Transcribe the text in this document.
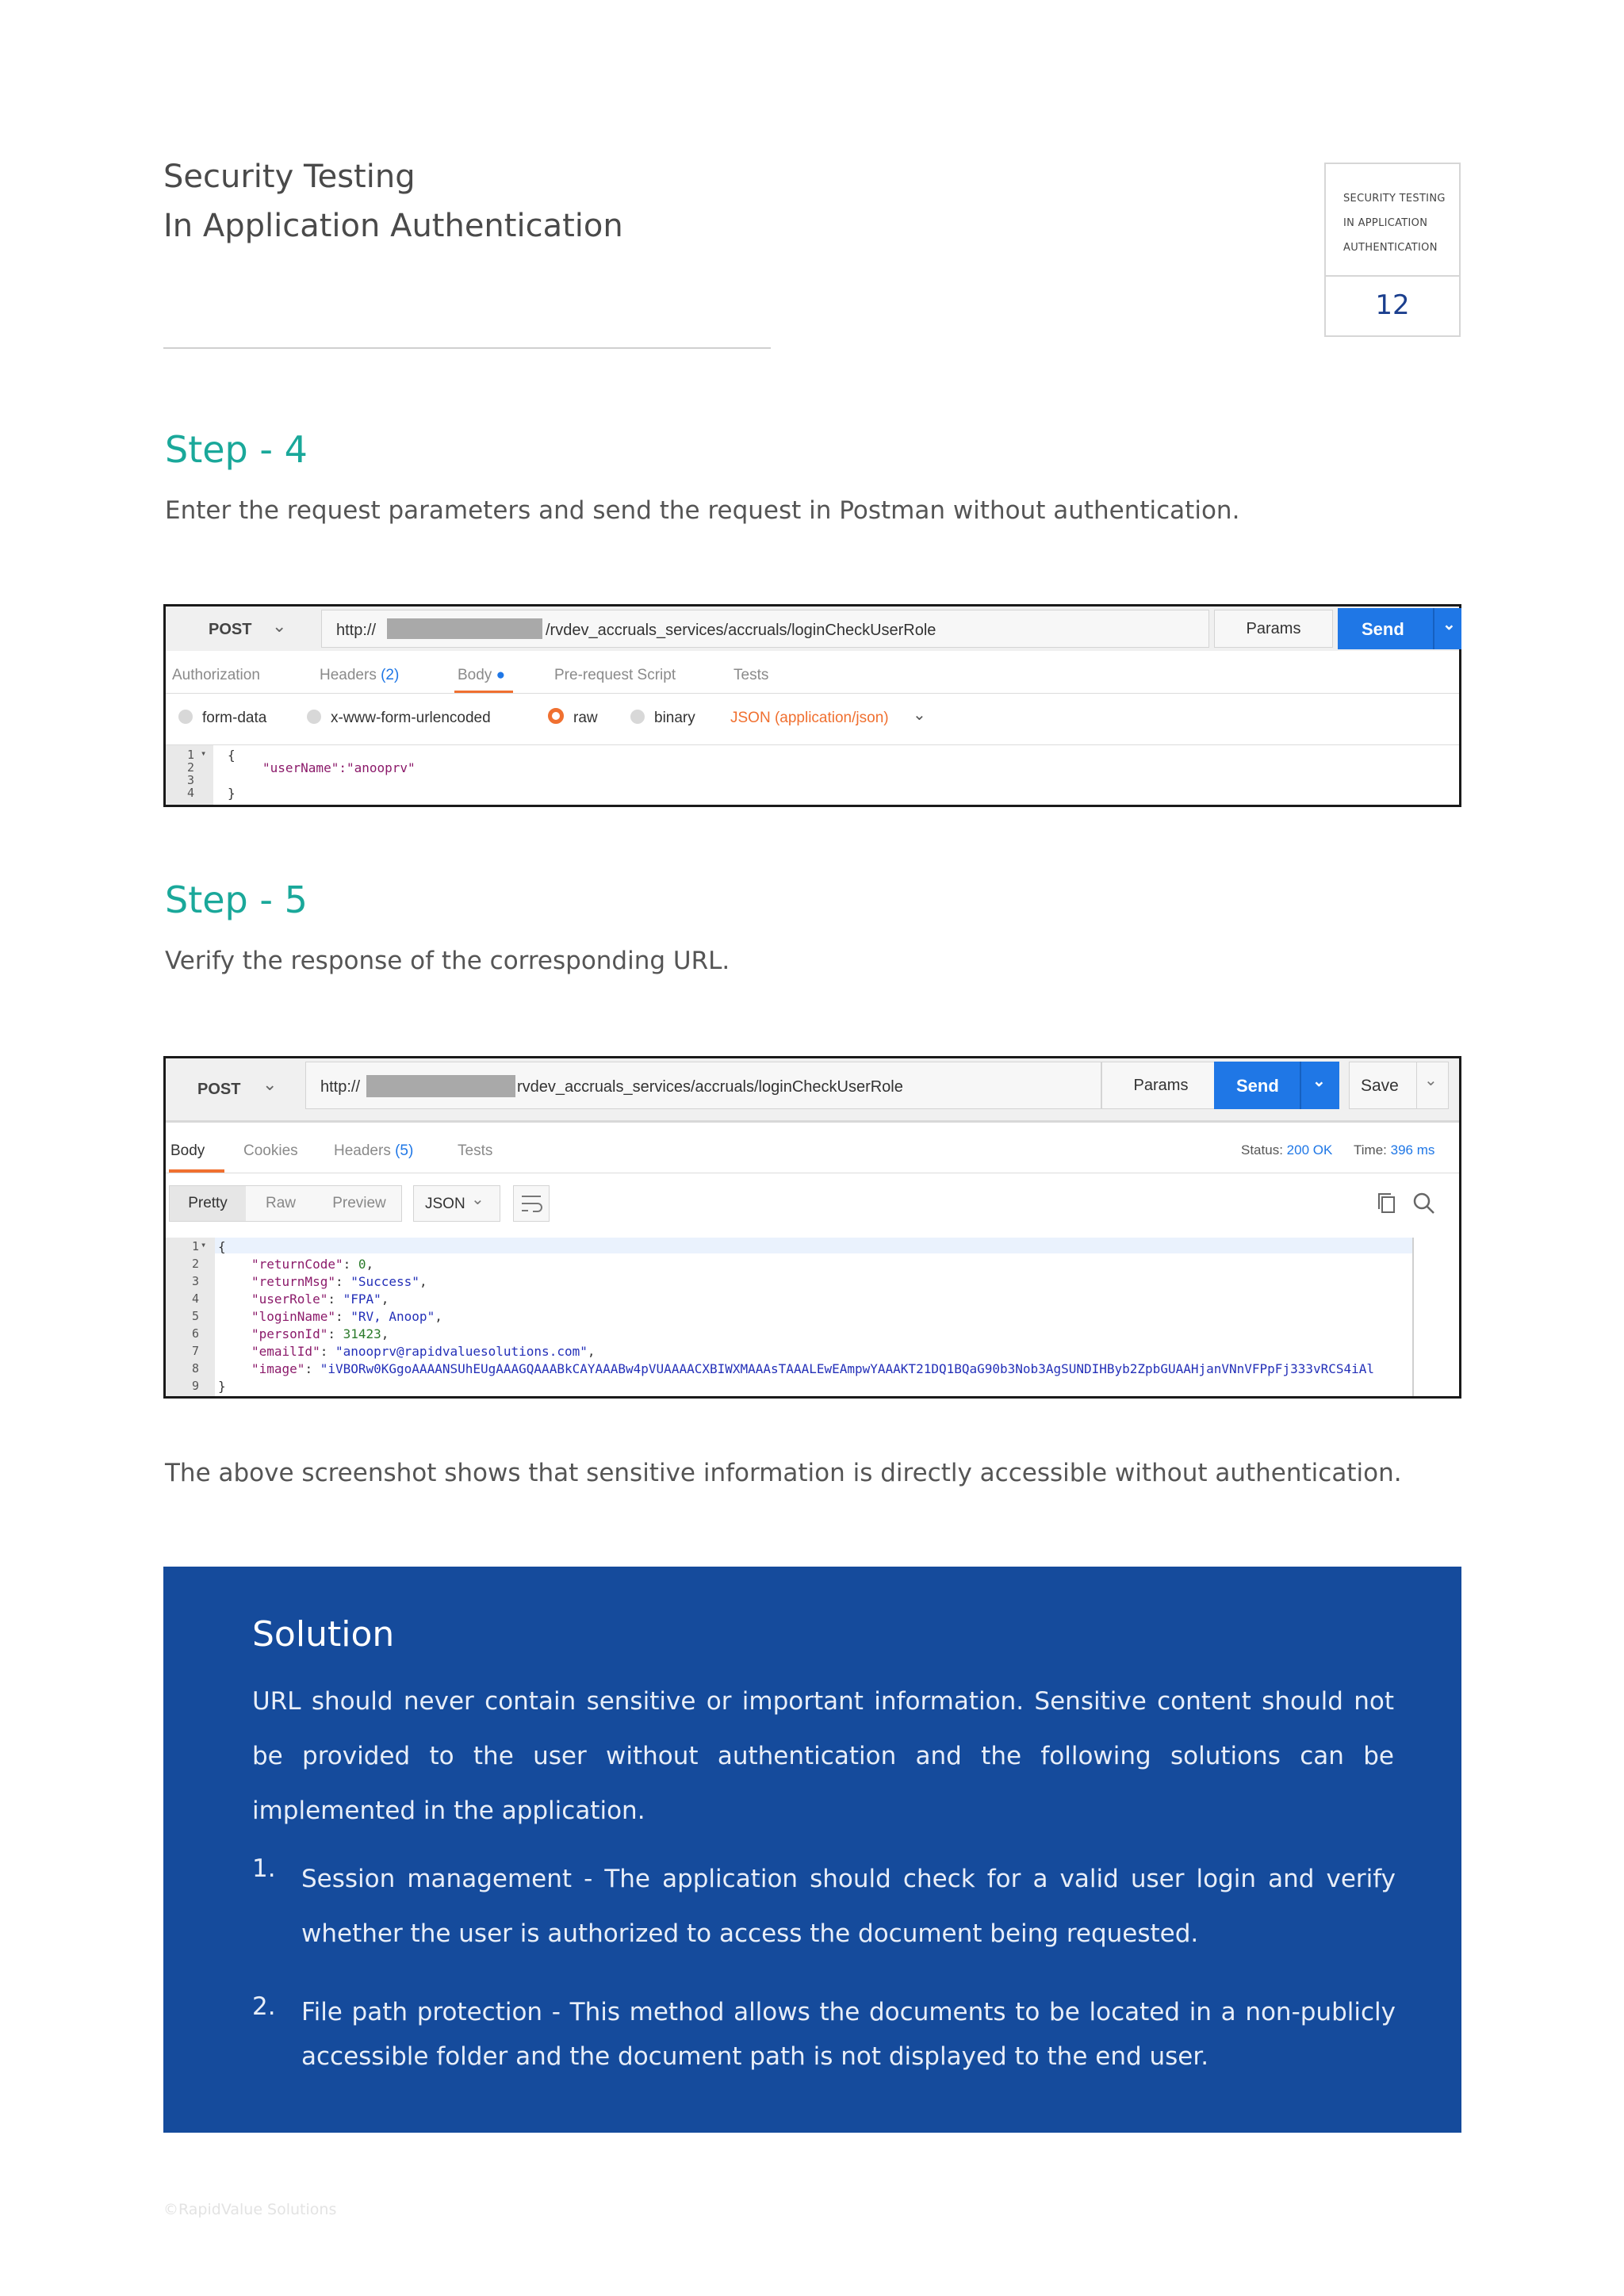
Security Testing
In Application Authentication
SECURITY TESTING
IN APPLICATION
AUTHENTICATION
12
Step - 4
Enter the request parameters and send the request in Postman without authentication.
POST ⌄	http://	/rvdev_accruals_services/accruals/loginCheckUserRole	Params	Send ⌄
Authorization	Headers (2)	Body ●	Pre-request Script	Tests
form-data	x-www-form-urlencoded	raw	binary JSON (application/json) ⌄
1
2
3
4
▾ {
"userName":"anooprv"
}
Step - 5
Verify the response of the corresponding URL.
POST ⌄	http://	rvdev_accruals_services/accruals/loginCheckUserRole	Params	Send ⌄ Save ⌄
Body	Cookies Headers (5)	Tests	Status: 200 OK Time: 396 ms
Pretty	Raw	Preview	JSON ⌄
1
2
3
4
5
6
7
8
9
▾ {
"returnCode": 0,
"returnMsg": "Success",
"userRole": "FPA",
"loginName": "RV, Anoop",
"personId": 31423,
"emailId": "anooprv@rapidvaluesolutions.com",
"image": "iVBORw0KGgoAAAANSUhEUgAAAGQAAABkCAYAAABw4pVUAAAACXBIWXMAAAsTAAALEwEAmpwYAAAKT21DQ1BQaG90b3Nob3AgSUNDIHByb2ZpbGUAAHjanVNnVFPpFj333vRCS4iAl
}
The above screenshot shows that sensitive information is directly accessible without authentication.
Solution
URL should never contain sensitive or important information. Sensitive content should not be provided to the user without authentication and the following solutions can be implemented in the application.
1. Session management - The application should check for a valid user login and verify whether the user is authorized to access the document being requested.
2. File path protection - This method allows the documents to be located in a non-publicly accessible folder and the document path is not displayed to the end user.
©RapidValue Solutions
